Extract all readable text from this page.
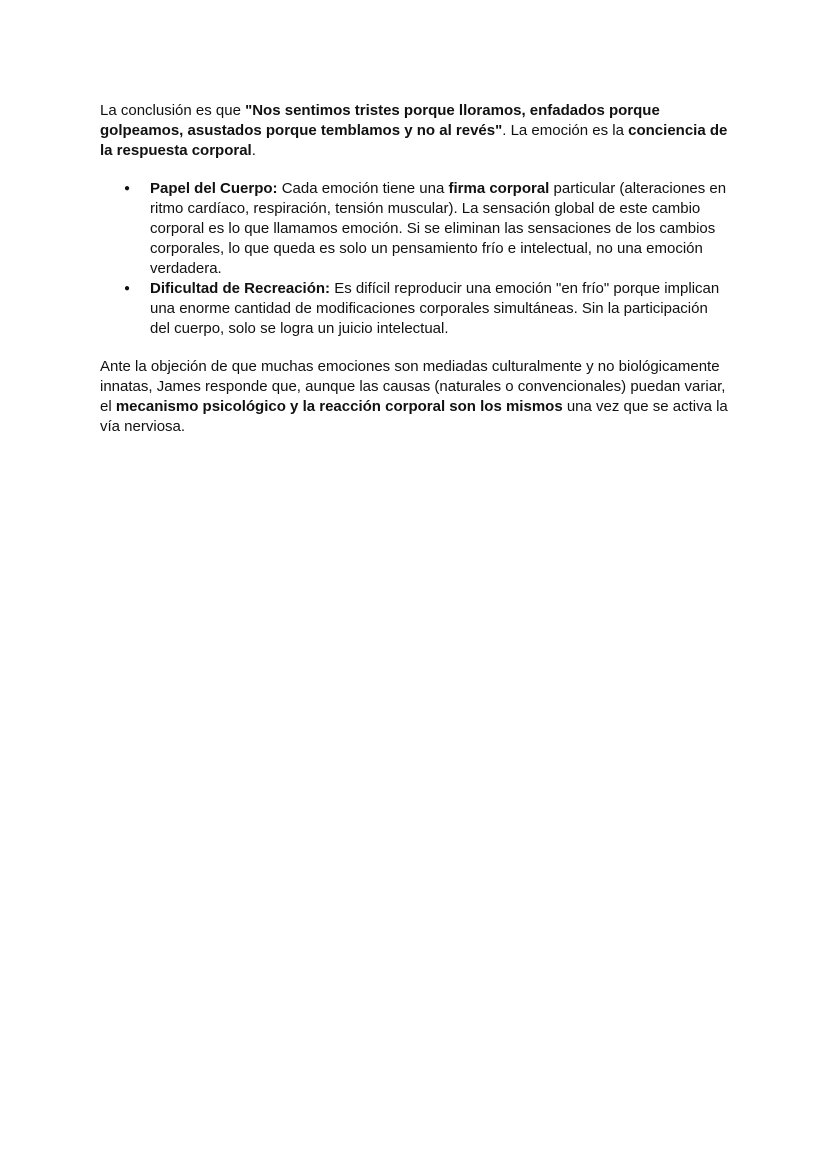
La conclusión es que "Nos sentimos tristes porque lloramos, enfadados porque golpeamos, asustados porque temblamos y no al revés". La emoción es la conciencia de la respuesta corporal.

● Papel del Cuerpo: Cada emoción tiene una firma corporal particular (alteraciones en ritmo cardíaco, respiración, tensión muscular). La sensación global de este cambio corporal es lo que llamamos emoción. Si se eliminan las sensaciones de los cambios corporales, lo que queda es solo un pensamiento frío e intelectual, no una emoción verdadera.
● Dificultad de Recreación: Es difícil reproducir una emoción "en frío" porque implican una enorme cantidad de modificaciones corporales simultáneas. Sin la participación del cuerpo, solo se logra un juicio intelectual.

Ante la objeción de que muchas emociones son mediadas culturalmente y no biológicamente innatas, James responde que, aunque las causas (naturales o convencionales) puedan variar, el mecanismo psicológico y la reacción corporal son los mismos una vez que se activa la vía nerviosa.
